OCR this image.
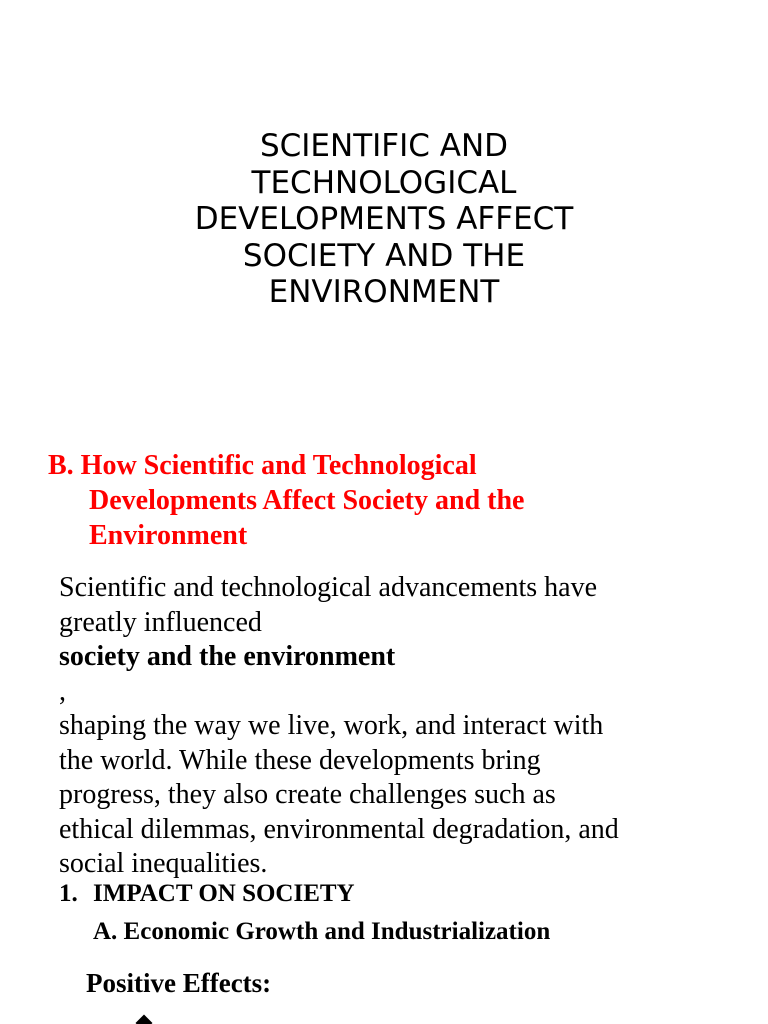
SCIENTIFIC AND
TECHNOLOGICAL
DEVELOPMENTS AFFECT
SOCIETY AND THE
ENVIRONMENT
B. How Scientific and Technological
Developments Affect Society and the
Environment

Scientific and technological advancements have
greatly influenced
society and the environment
,
shaping the way we live, work, and interact with
the world. While these developments bring
progress, they also create challenges such as
ethical dilemmas, environmental degradation, and
social inequalities.

1. IMPACT ON SOCIETY
A. Economic Growth and Industrialization
Positive Effects:
